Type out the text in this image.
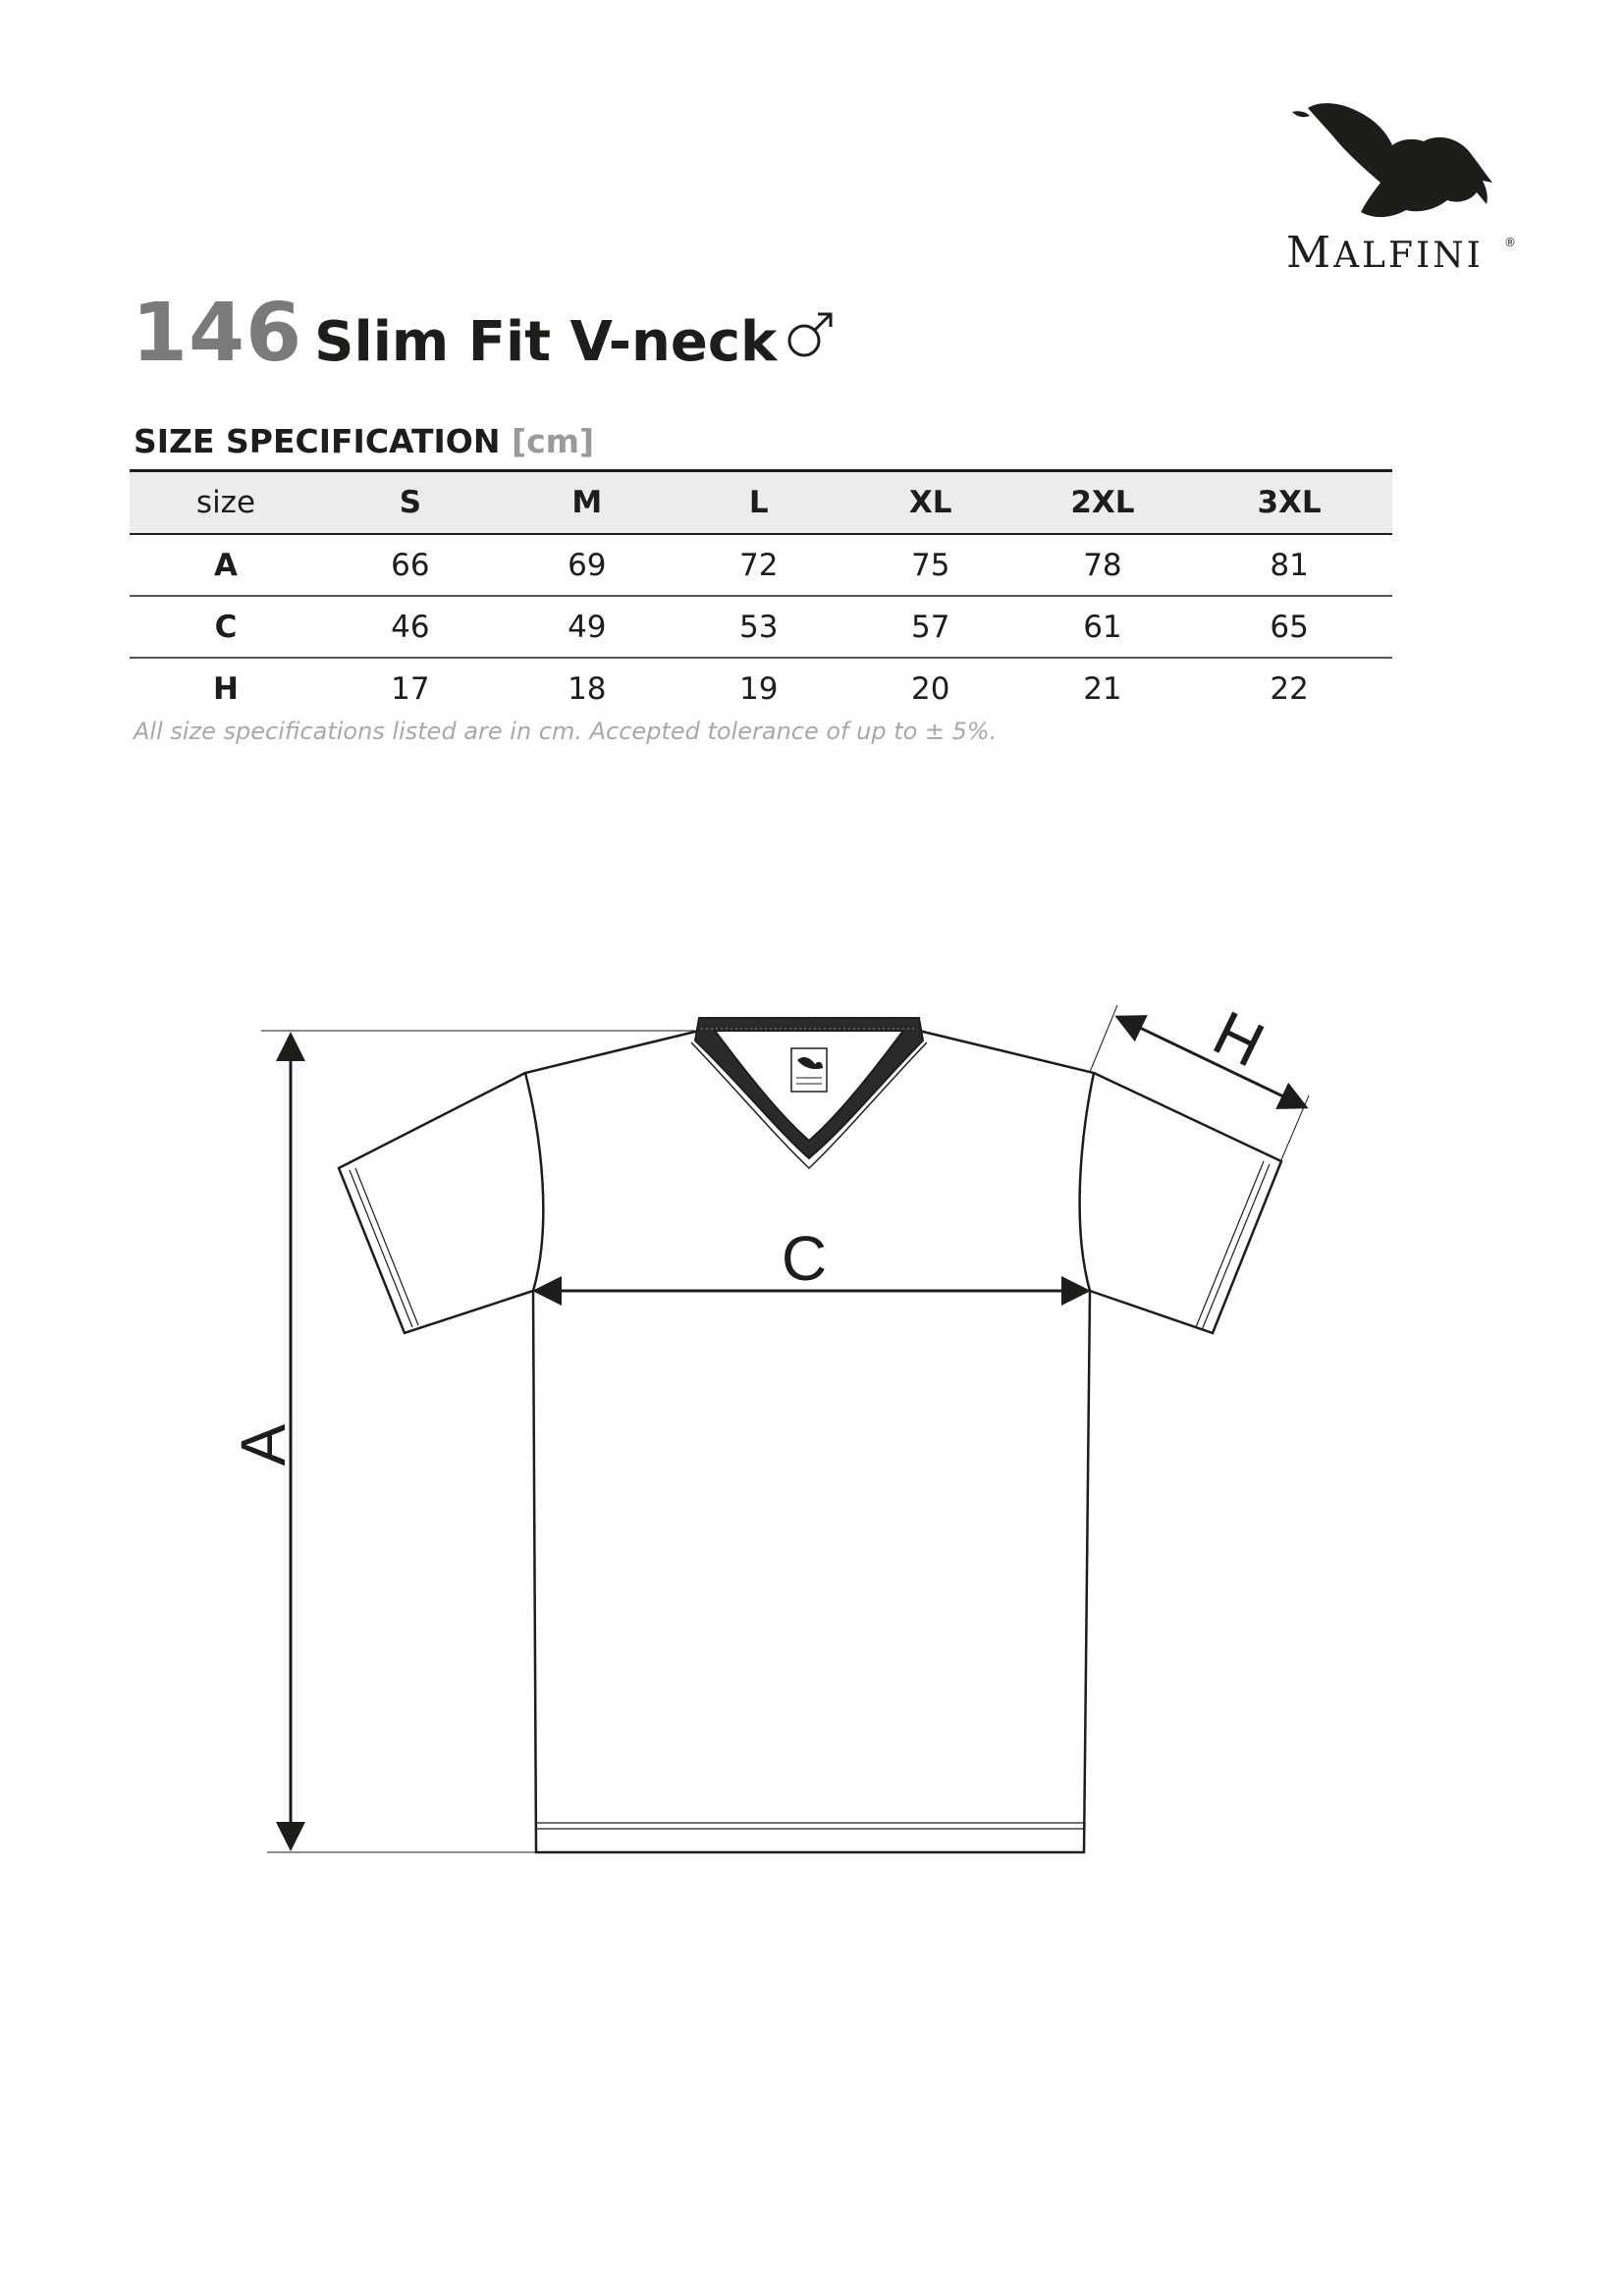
MALFINI ®
146 Slim Fit V-neck
SIZE SPECIFICATION [cm]
size	S	M	L	XL	2XL	3XL
A	66	69	72	75	78	81
C	46	49	53	57	61	65
H	17	18	19	20	21	22
All size specifications listed are in cm. Accepted tolerance of up to ± 5%.
A
C
H
